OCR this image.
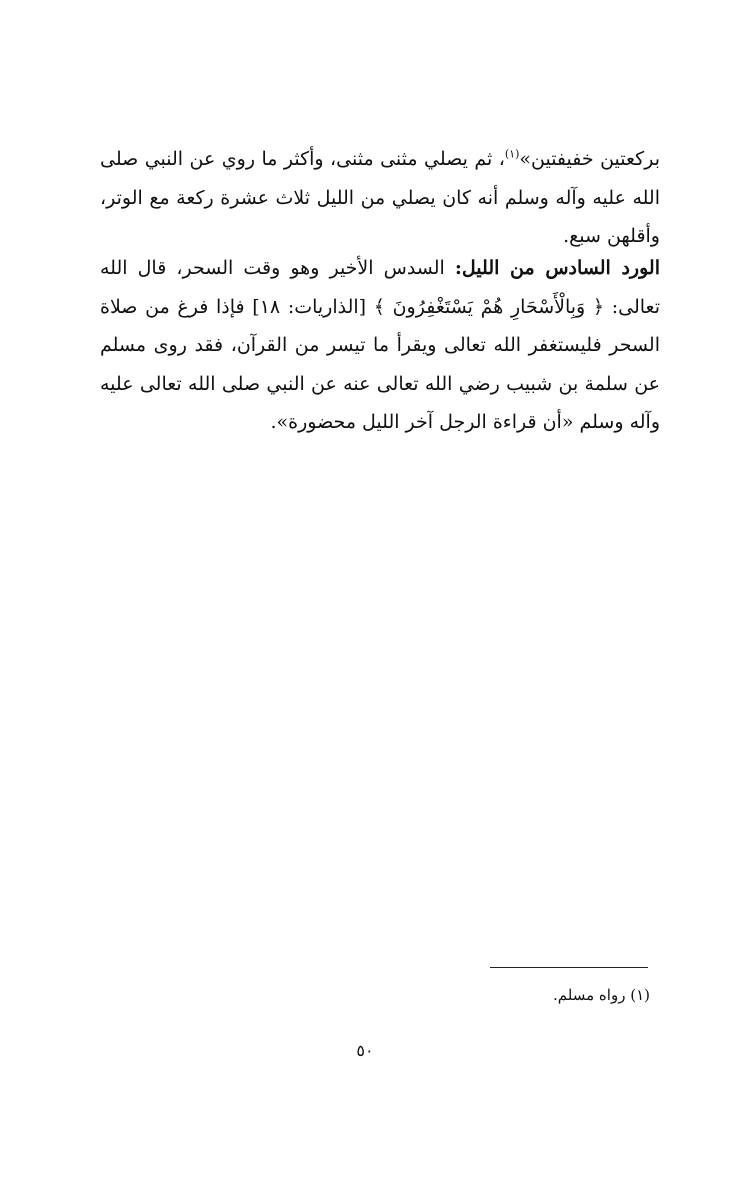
بركعتين خفيفتين»$^{(١)}$، ثم يصلي مثنى مثنى، وأكثر ما روي عن النبي صلى الله عليه وآله وسلم أنه كان يصلي من الليل ثلاث عشرة ركعة مع الوتر، وأقلهن سبع.

الورد السادس من الليل: السدس الأخير وهو وقت السحر، قال الله تعالى: ﴿ وَبِالْأَسْحَارِ هُمْ يَسْتَغْفِرُونَ ﴾ [الذاريات: ١٨] فإذا فرغ من صلاة السحر فليستغفر الله تعالى ويقرأ ما تيسر من القرآن، فقد روى مسلم عن سلمة بن شبيب رضي الله تعالى عنه عن النبي صلى الله تعالى عليه وآله وسلم «أن قراءة الرجل آخر الليل محضورة».

(١) رواه مسلم.
٥٠
